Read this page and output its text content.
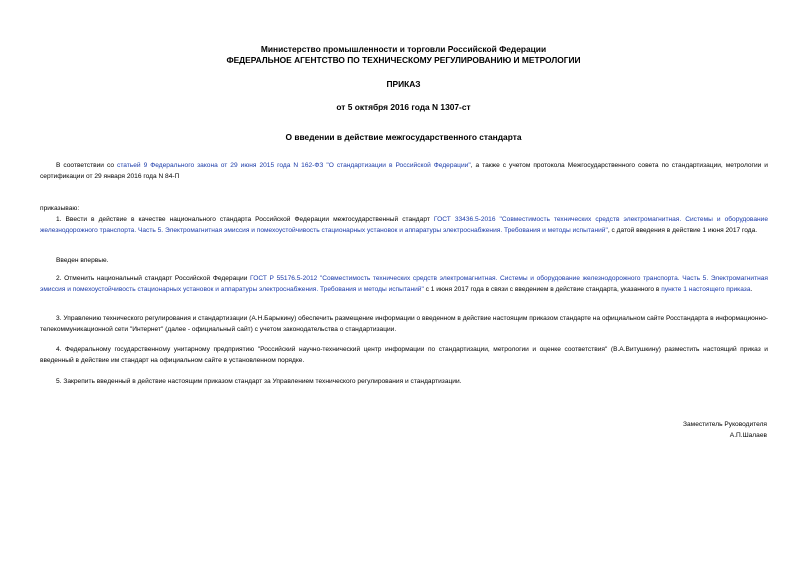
Министерство промышленности и торговли Российской Федерации
ФЕДЕРАЛЬНОЕ АГЕНТСТВО ПО ТЕХНИЧЕСКОМУ РЕГУЛИРОВАНИЮ И МЕТРОЛОГИИ
ПРИКАЗ
от 5 октября 2016 года N 1307-ст
О введении в действие межгосударственного стандарта
В соответствии со статьей 9 Федерального закона от 29 июня 2015 года N 162-ФЗ "О стандартизации в Российской Федерации", а также с учетом протокола Межгосударственного совета по стандартизации, метрологии и сертификации от 29 января 2016 года N 84-П
приказываю:
1. Ввести в действие в качестве национального стандарта Российской Федерации межгосударственный стандарт ГОСТ 33436.5-2016 "Совместимость технических средств электромагнитная. Системы и оборудование железнодорожного транспорта. Часть 5. Электромагнитная эмиссия и помехоустойчивость стационарных установок и аппаратуры электроснабжения. Требования и методы испытаний", с датой введения в действие 1 июня 2017 года.
Введен впервые.
2. Отменить национальный стандарт Российской Федерации ГОСТ Р 55176.5-2012 "Совместимость технических средств электромагнитная. Системы и оборудование железнодорожного транспорта. Часть 5. Электромагнитная эмиссия и помехоустойчивость стационарных установок и аппаратуры электроснабжения. Требования и методы испытаний" с 1 июня 2017 года в связи с введением в действие стандарта, указанного в пункте 1 настоящего приказа.
3. Управлению технического регулирования и стандартизации (А.Н.Барыкину) обеспечить размещение информации о введенном в действие настоящим приказом стандарте на официальном сайте Росстандарта в информационно-телекоммуникационной сети "Интернет" (далее - официальный сайт) с учетом законодательства о стандартизации.
4. Федеральному государственному унитарному предприятию "Российский научно-технический центр информации по стандартизации, метрологии и оценке соответствия" (В.А.Витушкину) разместить настоящий приказ и введенный в действие им стандарт на официальном сайте в установленном порядке.
5. Закрепить введенный в действие настоящим приказом стандарт за Управлением технического регулирования и стандартизации.
Заместитель Руководителя
А.П.Шалаев
